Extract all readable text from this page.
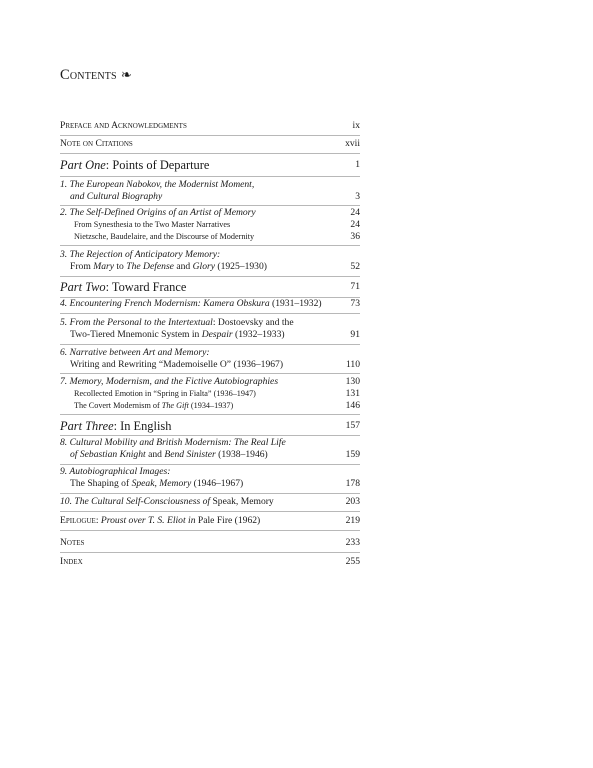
Contents ❧
Preface and Acknowledgments	ix
Note on Citations	xvii
Part One: Points of Departure	1
1. The European Nabokov, the Modernist Moment,
and Cultural Biography	3
2. The Self-Defined Origins of an Artist of Memory	24
From Synesthesia to the Two Master Narratives	24
Nietzsche, Baudelaire, and the Discourse of Modernity	36
3. The Rejection of Anticipatory Memory:
From Mary to The Defense and Glory (1925–1930)	52
Part Two: Toward France	71
4. Encountering French Modernism: Kamera Obskura (1931–1932)	73
5. From the Personal to the Intertextual: Dostoevsky and the
Two-Tiered Mnemonic System in Despair (1932–1933)	91
6. Narrative between Art and Memory:
Writing and Rewriting “Mademoiselle O” (1936–1967)	110
7. Memory, Modernism, and the Fictive Autobiographies	130
Recollected Emotion in “Spring in Fialta” (1936–1947)	131
The Covert Modernism of The Gift (1934–1937)	146
Part Three: In English	157
8. Cultural Mobility and British Modernism: The Real Life
of Sebastian Knight and Bend Sinister (1938–1946)	159
9. Autobiographical Images:
The Shaping of Speak, Memory (1946–1967)	178
10. The Cultural Self-Consciousness of Speak, Memory	203
Epilogue: Proust over T. S. Eliot in Pale Fire (1962)	219
Notes	233
Index	255
